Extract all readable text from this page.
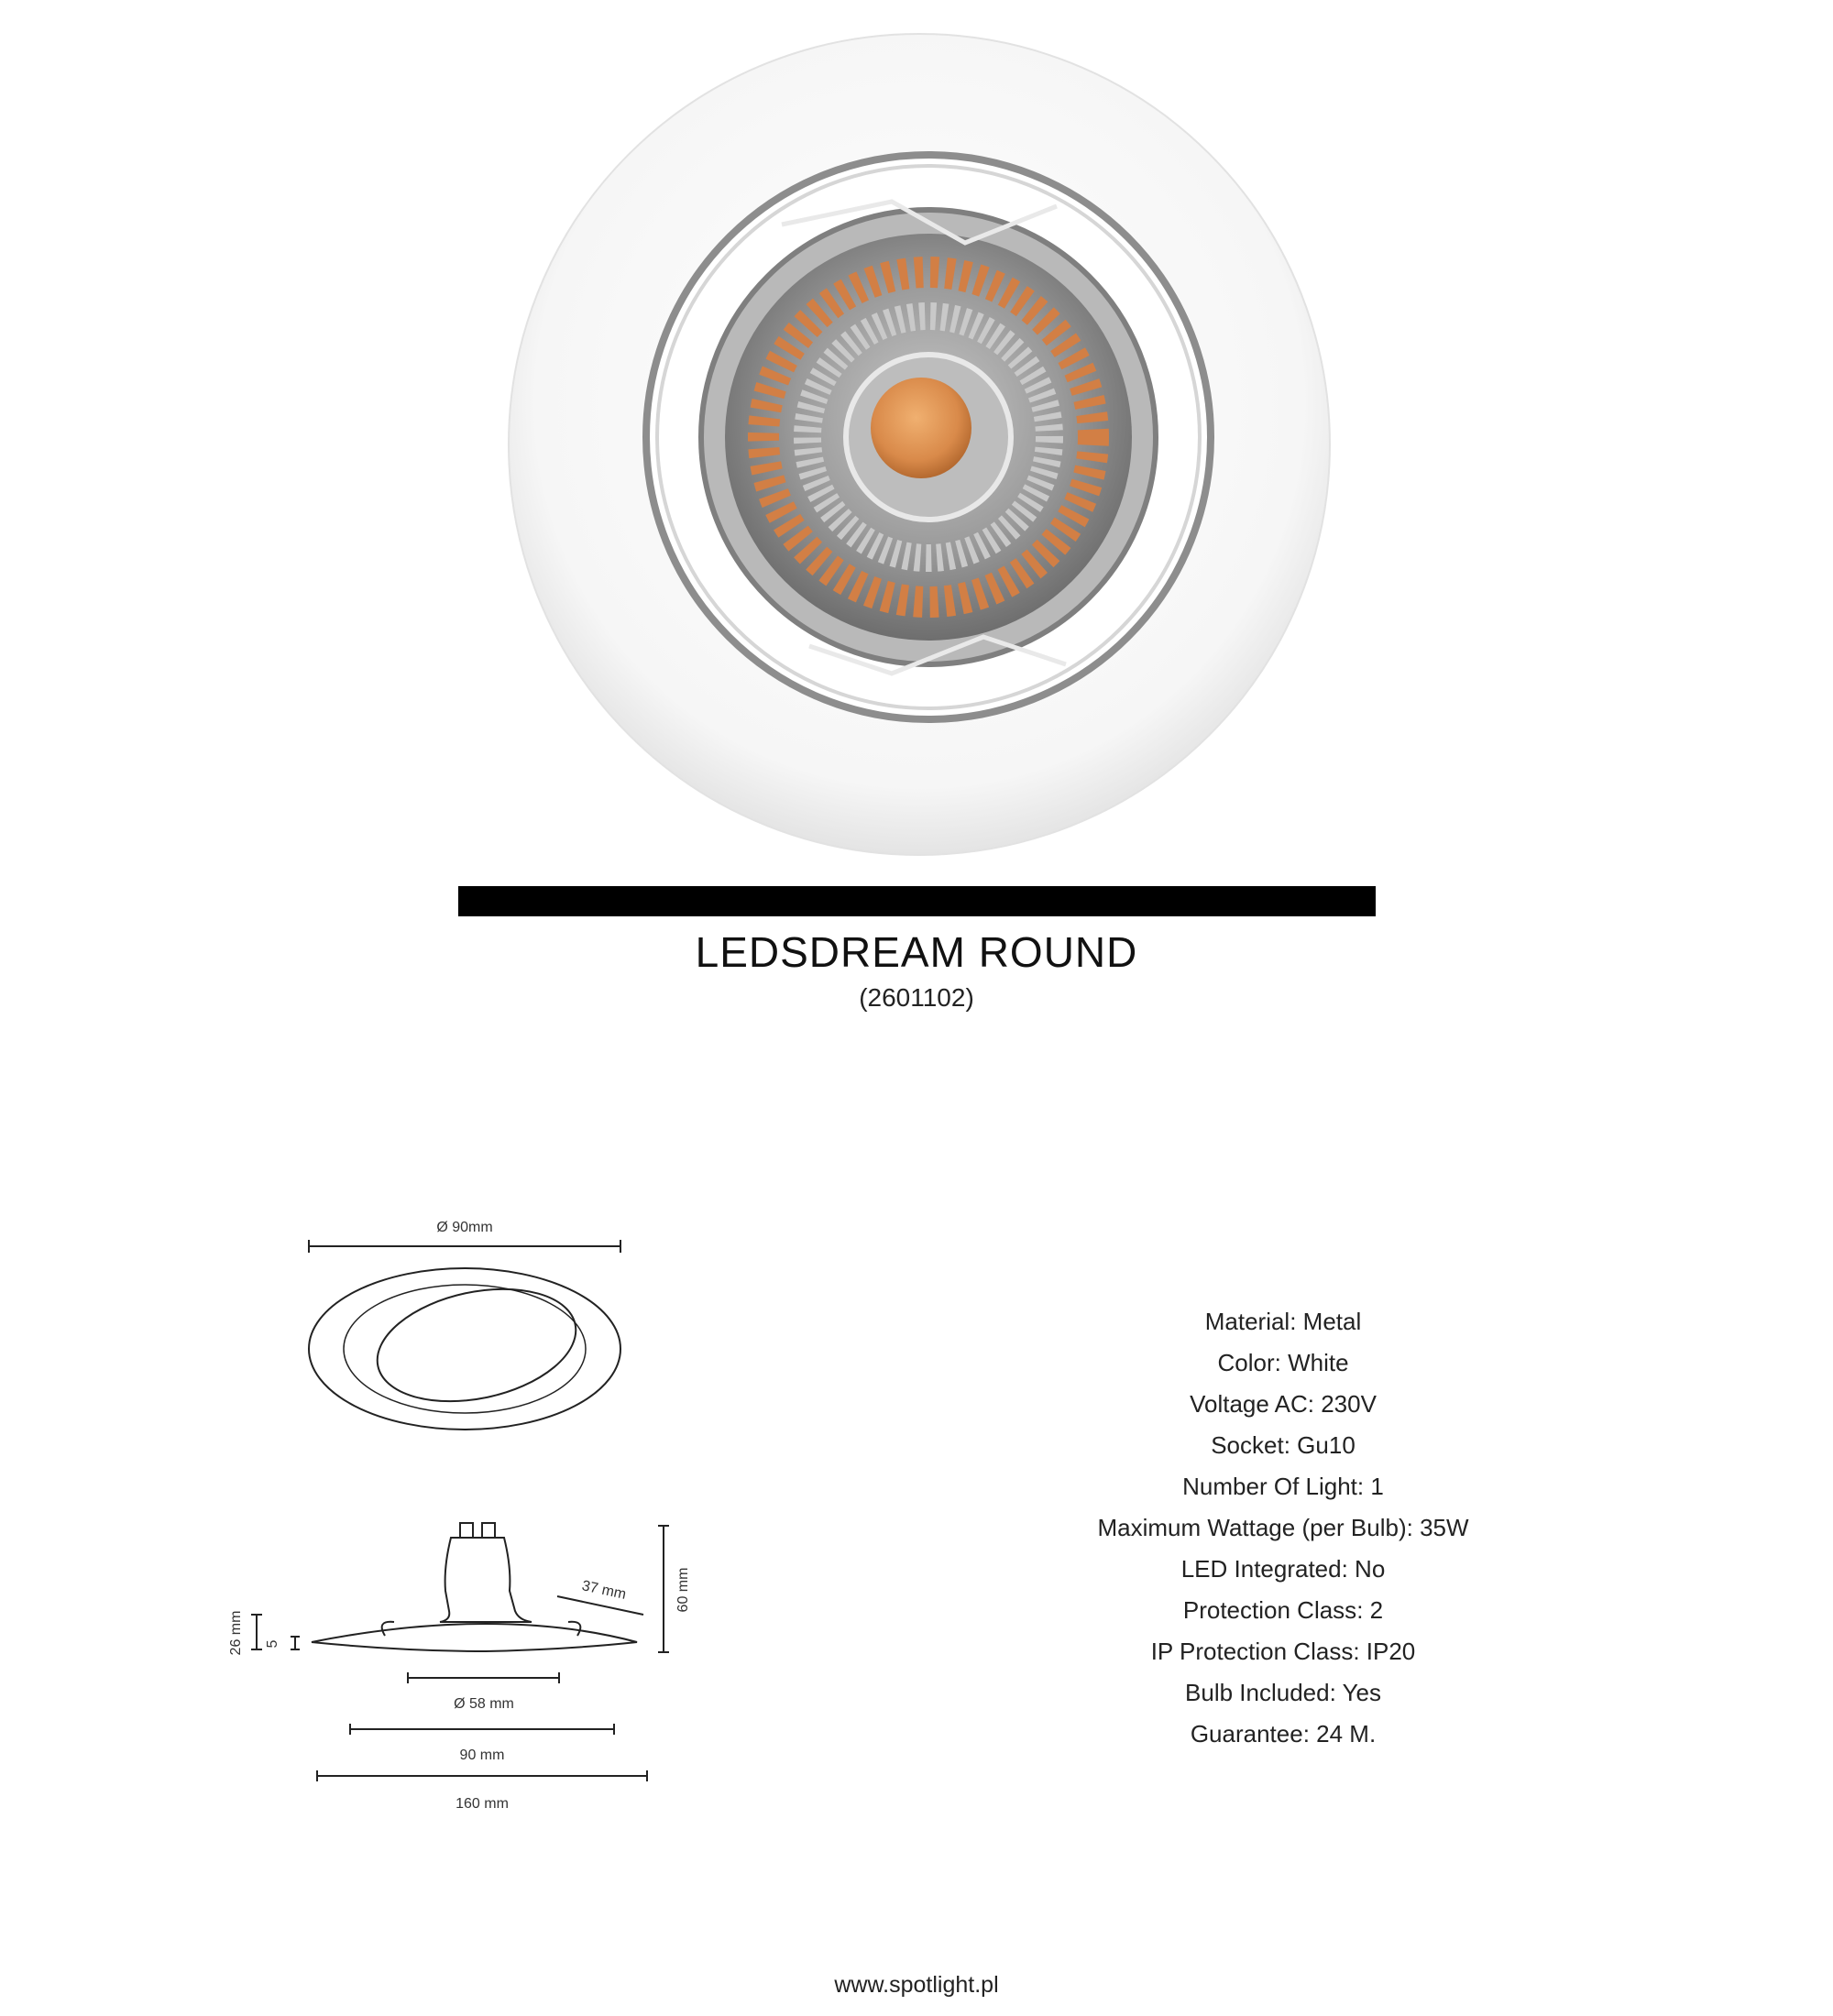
LEDSDREAM ROUND
(2601102)
Ø 90mm
60 mm
37 mm
26 mm 5
Ø 58 mm
90 mm
160 mm
Material: Metal
Color: White
Voltage AC: 230V
Socket: Gu10
Number Of Light: 1
Maximum Wattage (per Bulb): 35W
LED Integrated: No
Protection Class: 2
IP Protection Class: IP20
Bulb Included: Yes
Guarantee: 24 M.
www.spotlight.pl
